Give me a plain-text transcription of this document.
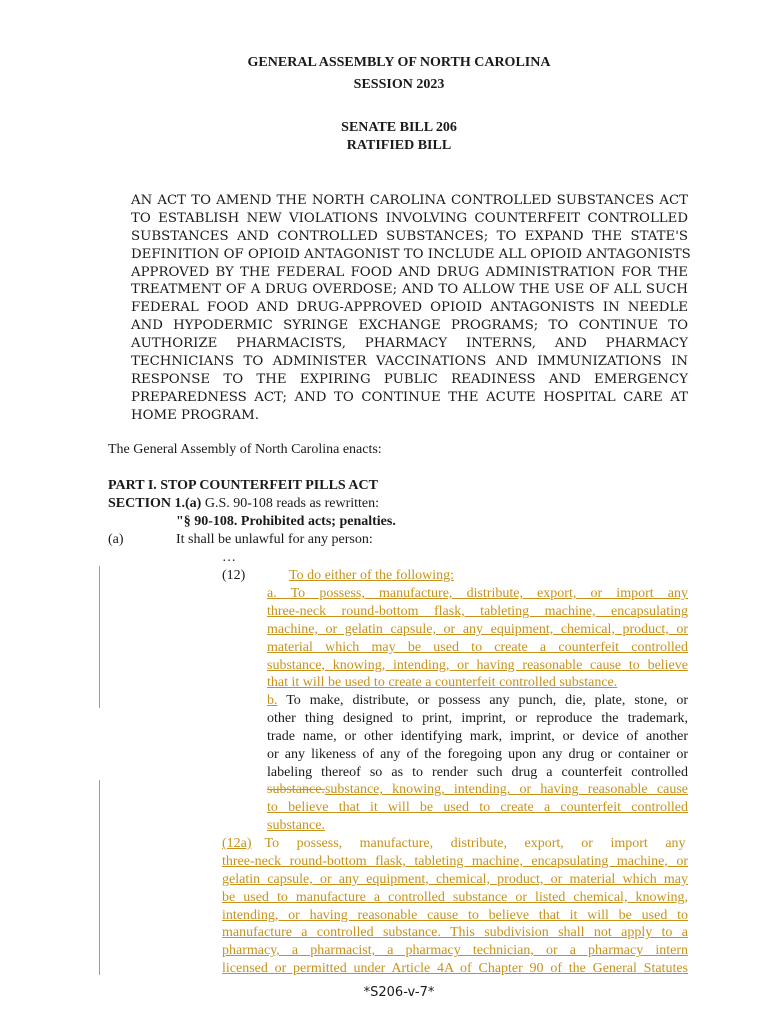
GENERAL ASSEMBLY OF NORTH CAROLINA
SESSION 2023
SENATE BILL 206
RATIFIED BILL
AN ACT TO AMEND THE NORTH CAROLINA CONTROLLED SUBSTANCES ACT
TO ESTABLISH NEW VIOLATIONS INVOLVING COUNTERFEIT CONTROLLED
SUBSTANCES AND CONTROLLED SUBSTANCES; TO EXPAND THE STATE'S
DEFINITION OF OPIOID ANTAGONIST TO INCLUDE ALL OPIOID ANTAGONISTS
APPROVED BY THE FEDERAL FOOD AND DRUG ADMINISTRATION FOR THE
TREATMENT OF A DRUG OVERDOSE; AND TO ALLOW THE USE OF ALL SUCH
FEDERAL FOOD AND DRUG-APPROVED OPIOID ANTAGONISTS IN NEEDLE
AND HYPODERMIC SYRINGE EXCHANGE PROGRAMS; TO CONTINUE TO
AUTHORIZE PHARMACISTS, PHARMACY INTERNS, AND PHARMACY
TECHNICIANS TO ADMINISTER VACCINATIONS AND IMMUNIZATIONS IN
RESPONSE TO THE EXPIRING PUBLIC READINESS AND EMERGENCY
PREPAREDNESS ACT; AND TO CONTINUE THE ACUTE HOSPITAL CARE AT
HOME PROGRAM.
The General Assembly of North Carolina enacts:
PART I. STOP COUNTERFEIT PILLS ACT
SECTION 1.(a) G.S. 90-108 reads as rewritten:
"§ 90-108. Prohibited acts; penalties.
(a)	It shall be unlawful for any person:
…
(12)	To do either of the following:
a. To possess, manufacture, distribute, export, or import any
three-neck round-bottom flask, tableting machine, encapsulating
machine, or gelatin capsule, or any equipment, chemical, product, or
material which may be used to create a counterfeit controlled
substance, knowing, intending, or having reasonable cause to believe
that it will be used to create a counterfeit controlled substance.
b. To make, distribute, or possess any punch, die, plate, stone, or
other thing designed to print, imprint, or reproduce the trademark,
trade name, or other identifying mark, imprint, or device of another
or any likeness of any of the foregoing upon any drug or container or
labeling thereof so as to render such drug a counterfeit controlled
substance.substance, knowing, intending, or having reasonable cause
to believe that it will be used to create a counterfeit controlled
substance.
(12a) To possess, manufacture, distribute, export, or import any
three-neck round-bottom flask, tableting machine, encapsulating machine, or
gelatin capsule, or any equipment, chemical, product, or material which may
be used to manufacture a controlled substance or listed chemical, knowing,
intending, or having reasonable cause to believe that it will be used to
manufacture a controlled substance. This subdivision shall not apply to a
pharmacy, a pharmacist, a pharmacy technician, or a pharmacy intern
licensed or permitted under Article 4A of Chapter 90 of the General Statutes
*S206-v-7*
